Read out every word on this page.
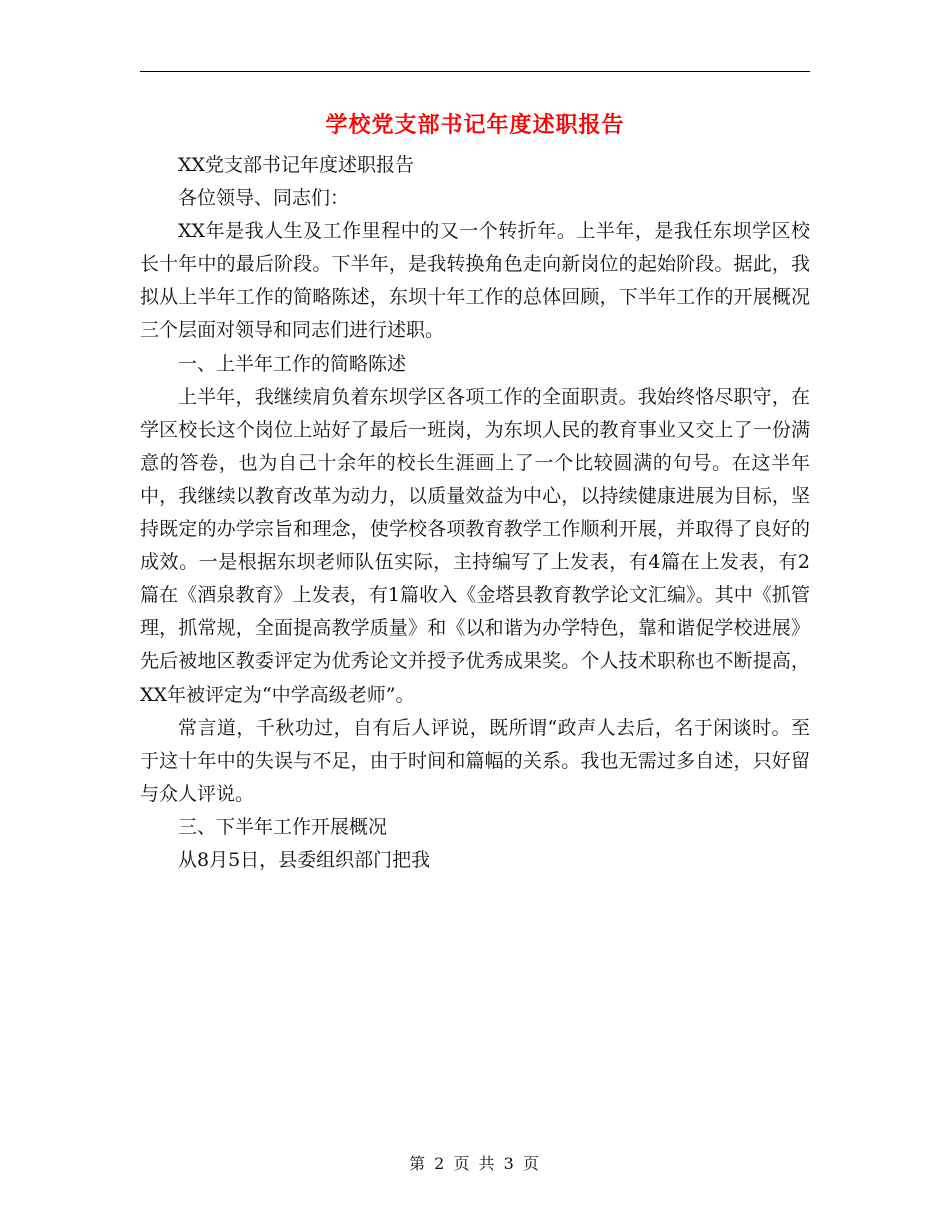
学校党支部书记年度述职报告

XX党支部书记年度述职报告

各位领导、同志们：

XX年是我人生及工作里程中的又一个转折年。上半年，是我任东坝学区校长十年中的最后阶段。下半年，是我转换角色走向新岗位的起始阶段。据此，我拟从上半年工作的简略陈述，东坝十年工作的总体回顾，下半年工作的开展概况三个层面对领导和同志们进行述职。

一、上半年工作的简略陈述

上半年，我继续肩负着东坝学区各项工作的全面职责。我始终恪尽职守，在学区校长这个岗位上站好了最后一班岗，为东坝人民的教育事业又交上了一份满意的答卷，也为自己十余年的校长生涯画上了一个比较圆满的句号。在这半年中，我继续以教育改革为动力，以质量效益为中心，以持续健康进展为目标，坚持既定的办学宗旨和理念，使学校各项教育教学工作顺利开展，并取得了良好的成效。一是根据东坝老师队伍实际，主持编写了上发表，有4篇在上发表，有2篇在《酒泉教育》上发表，有1篇收入《金塔县教育教学论文汇编》。其中《抓管理，抓常规，全面提高教学质量》和《以和谐为办学特色，靠和谐促学校进展》先后被地区教委评定为优秀论文并授予优秀成果奖。个人技术职称也不断提高，XX年被评定为“中学高级老师”。

常言道，千秋功过，自有后人评说，既所谓“政声人去后，名于闲谈时。至于这十年中的失误与不足，由于时间和篇幅的关系。我也无需过多自述，只好留与众人评说。

三、下半年工作开展概况

从8月5日，县委组织部门把我

第 2 页 共 3 页
